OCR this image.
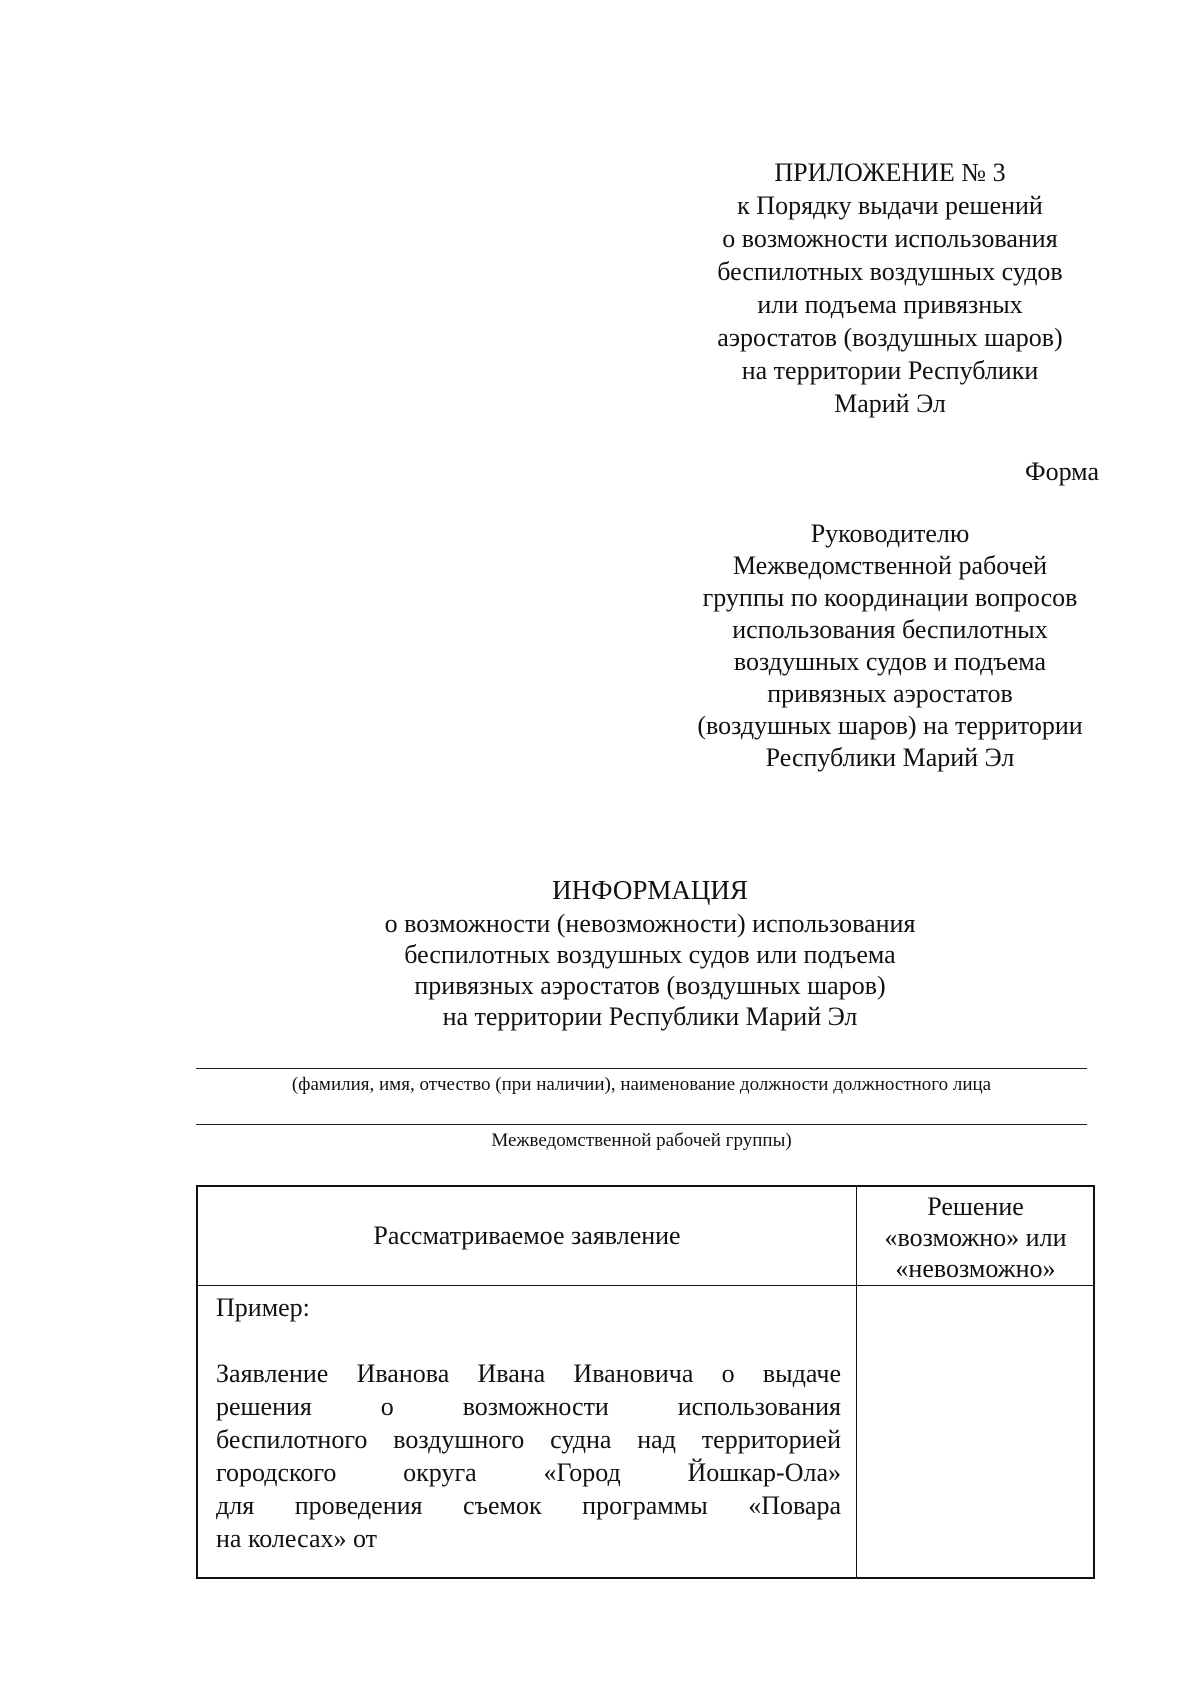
ПРИЛОЖЕНИЕ № 3
к Порядку выдачи решений
о возможности использования
беспилотных воздушных судов
или подъема привязных
аэростатов (воздушных шаров)
на территории Республики
Марий Эл
Форма
Руководителю
Межведомственной рабочей
группы по координации вопросов
использования беспилотных
воздушных судов и подъема
привязных аэростатов
(воздушных шаров) на территории
Республики Марий Эл
ИНФОРМАЦИЯ
о возможности (невозможности) использования
беспилотных воздушных судов или подъема
привязных аэростатов (воздушных шаров)
на территории Республики Марий Эл
(фамилия, имя, отчество (при наличии), наименование должности должностного лица
Межведомственной рабочей группы)
Рассматриваемое заявление
Решение
«возможно» или
«невозможно»
Пример:
Заявление Иванова Ивана Ивановича о выдаче
решения о возможности использования
беспилотного воздушного судна над территорией
городского округа «Город Йошкар-Ола»
для проведения съемок программы «Повара
на колесах» от
